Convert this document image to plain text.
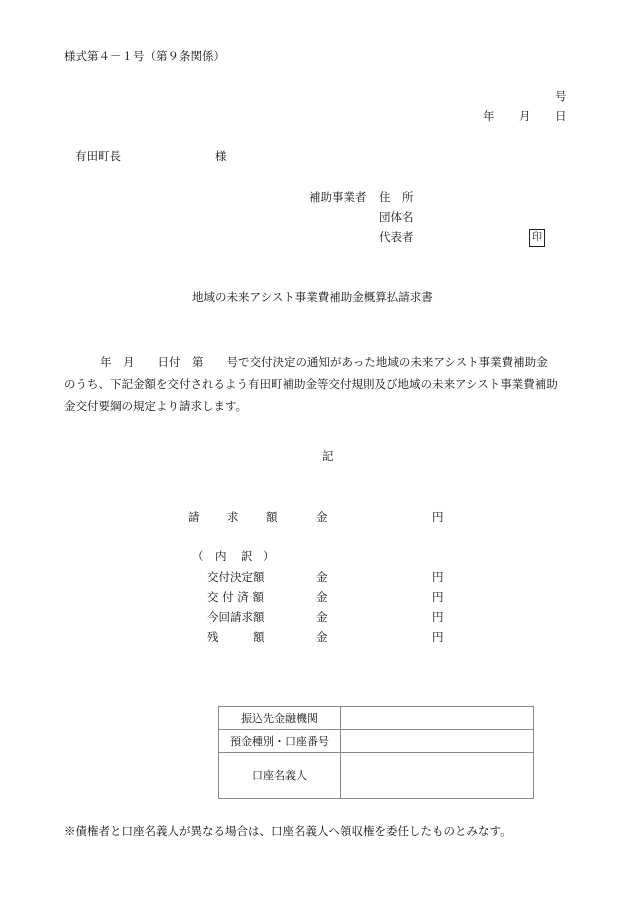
様式第４－１号（第９条関係）
号
年 月 日
有田町長	様
補助事業者 住　所
団体名
代表者	印
地域の未来アシスト事業費補助金概算払請求書
年　月　　日付　第　　号で交付決定の通知があった地域の未来アシスト事業費補助金
のうち、下記金額を交付されるよう有田町補助金等交付規則及び地域の未来アシスト事業費補助
金交付要綱の規定より請求します。
記
請 求 額	金	円
（ 内 訳 ）
交付決定額	金	円
交 付 済 額	金	円
今回請求額	金	円
残　　　額	金	円
振込先金融機関	
預金種別・口座番号	
口座名義人	
※債権者と口座名義人が異なる場合は、口座名義人へ領収権を委任したものとみなす。
